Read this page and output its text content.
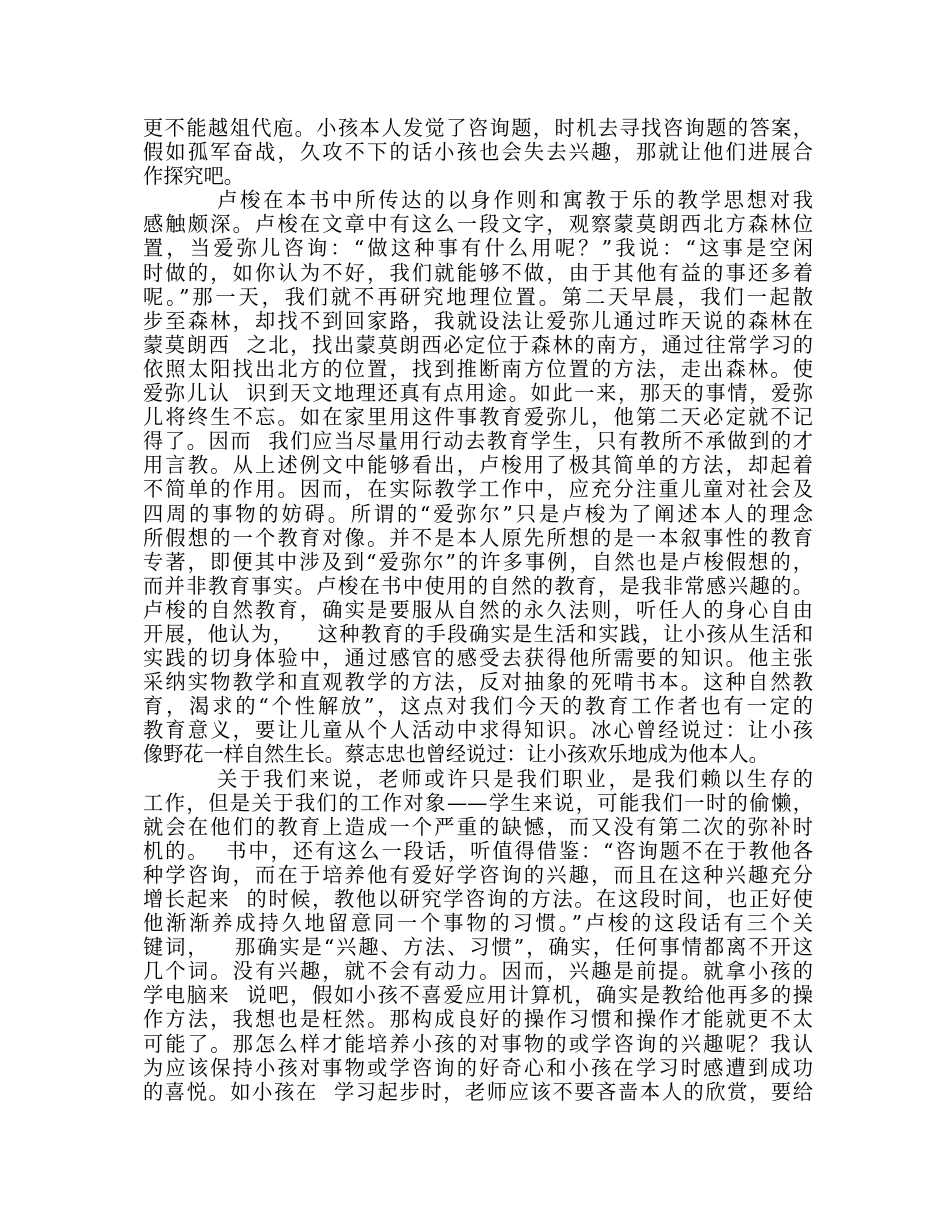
更不能越俎代庖。小孩本人发觉了咨询题，时机去寻找咨询题的答案，
假如孤军奋战，久攻不下的话小孩也会失去兴趣，那就让他们进展合
作探究吧。
卢梭在本书中所传达的以身作则和寓教于乐的教学思想对我
感触颇深。卢梭在文章中有这么一段文字，观察蒙莫朗西北方森林位
置，当爱弥儿咨询：“做这种事有什么用呢？”我说：“这事是空闲
时做的，如你认为不好，我们就能够不做，由于其他有益的事还多着
呢。”那一天，我们就不再研究地理位置。第二天早晨，我们一起散
步至森林，却找不到回家路，我就设法让爱弥儿通过昨天说的森林在
蒙莫朗西  之北，找出蒙莫朗西必定位于森林的南方，通过往常学习的
依照太阳找出北方的位置，找到推断南方位置的方法，走出森林。使
爱弥儿认  识到天文地理还真有点用途。如此一来，那天的事情，爱弥
儿将终生不忘。如在家里用这件事教育爱弥儿，他第二天必定就不记
得了。因而  我们应当尽量用行动去教育学生，只有教所不承做到的才
用言教。从上述例文中能够看出，卢梭用了极其简单的方法，却起着
不简单的作用。因而，在实际教学工作中，应充分注重儿童对社会及
四周的事物的妨碍。所谓的“爱弥尔”只是卢梭为了阐述本人的理念
所假想的一个教育对像。并不是本人原先所想的是一本叙事性的教育
专著，即便其中涉及到“爱弥尔”的许多事例，自然也是卢梭假想的，
而并非教育事实。卢梭在书中使用的自然的教育，是我非常感兴趣的。
卢梭的自然教育，确实是要服从自然的永久法则，听任人的身心自由
开展，他认为，   这种教育的手段确实是生活和实践，让小孩从生活和
实践的切身体验中，通过感官的感受去获得他所需要的知识。他主张
采纳实物教学和直观教学的方法，反对抽象的死啃书本。这种自然教
育，渴求的“个性解放”，这点对我们今天的教育工作者也有一定的
教育意义，要让儿童从个人活动中求得知识。冰心曾经说过：让小孩
像野花一样自然生长。蔡志忠也曾经说过：让小孩欢乐地成为他本人。
关于我们来说，老师或许只是我们职业，是我们赖以生存的
工作，但是关于我们的工作对象——学生来说，可能我们一时的偷懒，
就会在他们的教育上造成一个严重的缺憾，而又没有第二次的弥补时
机的。  书中，还有这么一段话，听值得借鉴：“咨询题不在于教他各
种学咨询，而在于培养他有爱好学咨询的兴趣，而且在这种兴趣充分
增长起来  的时候，教他以研究学咨询的方法。在这段时间，也正好使
他渐渐养成持久地留意同一个事物的习惯。”卢梭的这段话有三个关
键词，   那确实是“兴趣、方法、习惯”，确实，任何事情都离不开这
几个词。没有兴趣，就不会有动力。因而，兴趣是前提。就拿小孩的
学电脑来  说吧，假如小孩不喜爱应用计算机，确实是教给他再多的操
作方法，我想也是枉然。那构成良好的操作习惯和操作才能就更不太
可能了。那怎么样才能培养小孩的对事物的或学咨询的兴趣呢？我认
为应该保持小孩对事物或学咨询的好奇心和小孩在学习时感遭到成功
的喜悦。如小孩在  学习起步时，老师应该不要吝啬本人的欣赏，要给
